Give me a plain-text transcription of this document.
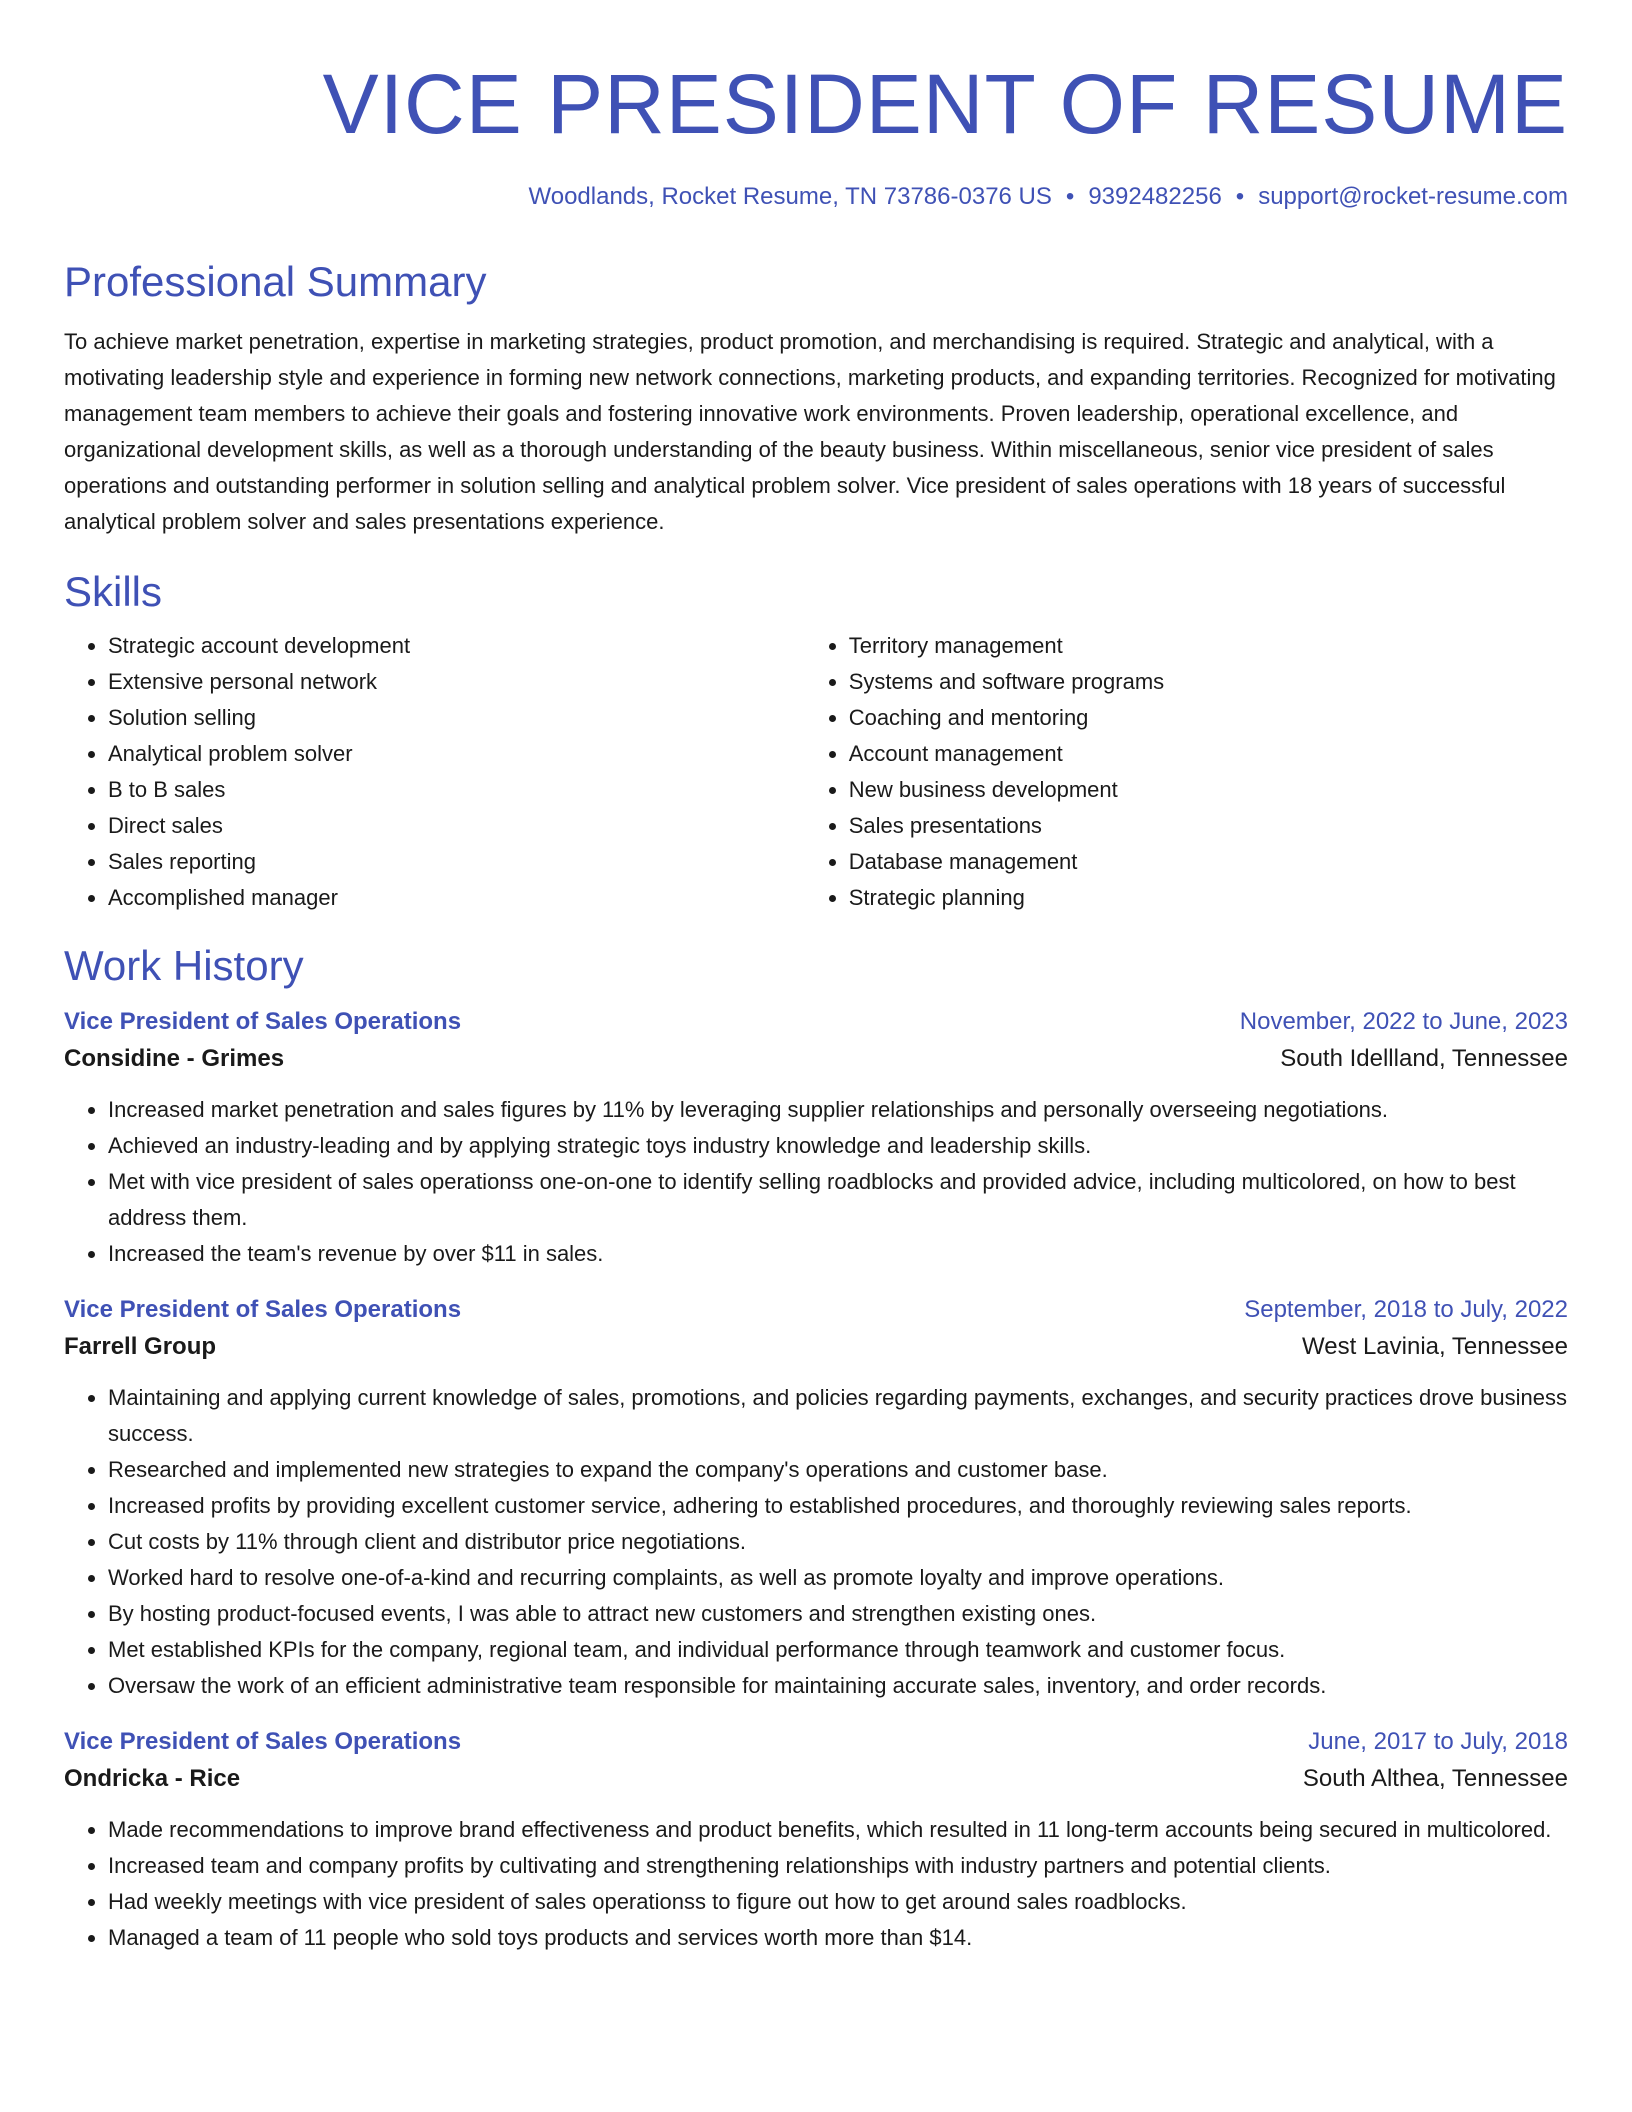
VICE PRESIDENT OF RESUME
Woodlands, Rocket Resume, TN 73786-0376 US • 9392482256 • support@rocket-resume.com
Professional Summary

To achieve market penetration, expertise in marketing strategies, product promotion, and merchandising is required. Strategic and analytical, with a motivating leadership style and experience in forming new network connections, marketing products, and expanding territories. Recognized for motivating management team members to achieve their goals and fostering innovative work environments. Proven leadership, operational excellence, and organizational development skills, as well as a thorough understanding of the beauty business. Within miscellaneous, senior vice president of sales operations and outstanding performer in solution selling and analytical problem solver. Vice president of sales operations with 18 years of successful analytical problem solver and sales presentations experience.

Skills
• Strategic account development
• Extensive personal network
• Solution selling
• Analytical problem solver
• B to B sales
• Direct sales
• Sales reporting
• Accomplished manager
• Territory management
• Systems and software programs
• Coaching and mentoring
• Account management
• New business development
• Sales presentations
• Database management
• Strategic planning
Work History
Vice President of Sales Operations	November, 2022 to June, 2023
Considine - Grimes	South Idellland, Tennessee
• Increased market penetration and sales figures by 11% by leveraging supplier relationships and personally overseeing negotiations.
• Achieved an industry-leading and by applying strategic toys industry knowledge and leadership skills.
• Met with vice president of sales operationss one-on-one to identify selling roadblocks and provided advice, including multicolored, on how to best address them.
• Increased the team's revenue by over $11 in sales.
Vice President of Sales Operations	September, 2018 to July, 2022
Farrell Group	West Lavinia, Tennessee
• Maintaining and applying current knowledge of sales, promotions, and policies regarding payments, exchanges, and security practices drove business success.
• Researched and implemented new strategies to expand the company's operations and customer base.
• Increased profits by providing excellent customer service, adhering to established procedures, and thoroughly reviewing sales reports.
• Cut costs by 11% through client and distributor price negotiations.
• Worked hard to resolve one-of-a-kind and recurring complaints, as well as promote loyalty and improve operations.
• By hosting product-focused events, I was able to attract new customers and strengthen existing ones.
• Met established KPIs for the company, regional team, and individual performance through teamwork and customer focus.
• Oversaw the work of an efficient administrative team responsible for maintaining accurate sales, inventory, and order records.
Vice President of Sales Operations	June, 2017 to July, 2018
Ondricka - Rice	South Althea, Tennessee
• Made recommendations to improve brand effectiveness and product benefits, which resulted in 11 long-term accounts being secured in multicolored.
• Increased team and company profits by cultivating and strengthening relationships with industry partners and potential clients.
• Had weekly meetings with vice president of sales operationss to figure out how to get around sales roadblocks.
• Managed a team of 11 people who sold toys products and services worth more than $14.
